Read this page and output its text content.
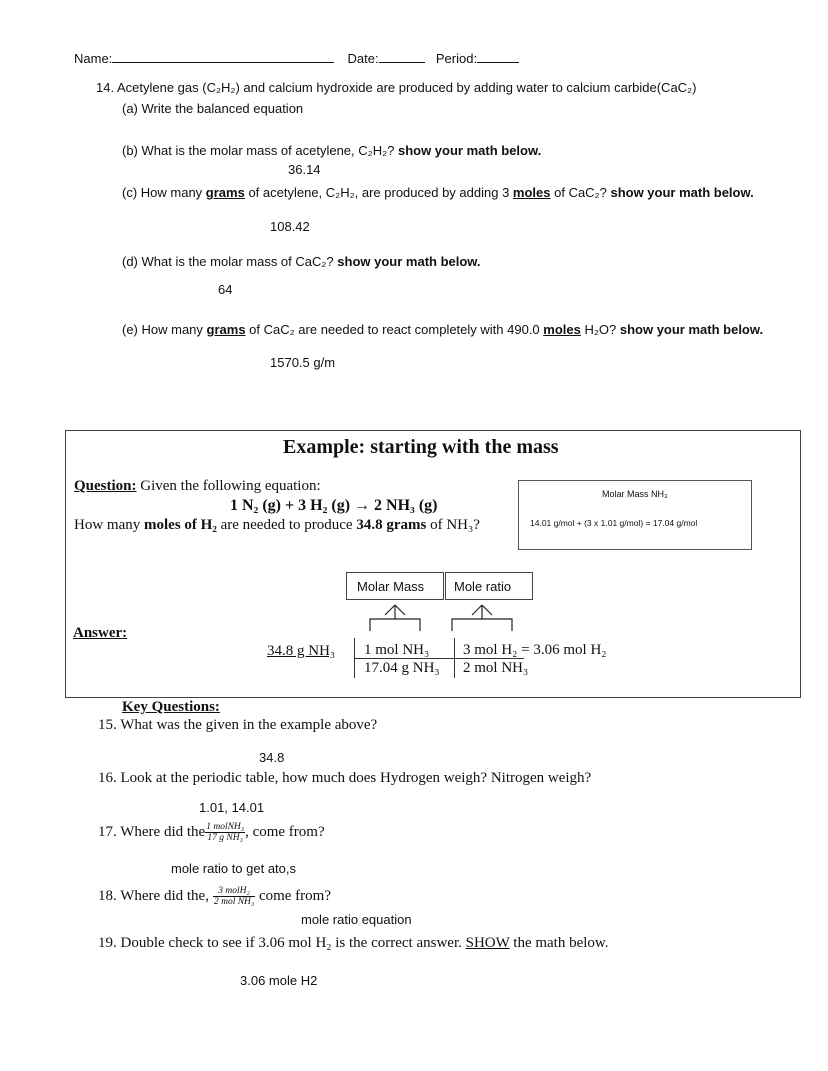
Name:	Date:	Period:
14. Acetylene gas (C₂H₂) and calcium hydroxide are produced by adding water to calcium carbide(CaC₂)
(a) Write the balanced equation
(b) What is the molar mass of acetylene, C₂H₂? show your math below.
36.14
(c) How many grams of acetylene, C₂H₂, are produced by adding 3 moles of CaC₂? show your math below.
108.42
(d) What is the molar mass of CaC₂? show your math below.
64
(e) How many grams of CaC₂ are needed to react completely with 490.0 moles H₂O? show your math below.
1570.5 g/m
Example: starting with the mass
Question: Given the following equation:
1 N₂ (g) + 3 H₂ (g) → 2 NH₃ (g)
How many moles of H₂ are needed to produce 34.8 grams of NH₃?
Molar Mass NH₃
14.01 g/mol + (3 x 1.01 g/mol) = 17.04 g/mol
Molar Mass Mole ratio
Answer:
34.8 g NH₃ 1 mol NH₃
17.04 g NH₃
3 mol H₂ = 3.06 mol H₂
2 mol NH₃
Key Questions:
15. What was the given in the example above?
34.8
16. Look at the periodic table, how much does Hydrogen weigh? Nitrogen weigh?
1.01, 14.01
17. Where did the $\frac{\text{1 molNH₃}}{\text{17 g NH₃}}$ , come from?
mole ratio to get ato,s
18. Where did the, $\frac{\text{3 molH₂}}{\text{2 mol NH₃}}$ come from?
mole ratio equation
19. Double check to see if 3.06 mol H₂ is the correct answer. SHOW the math below.
3.06 mole H2
